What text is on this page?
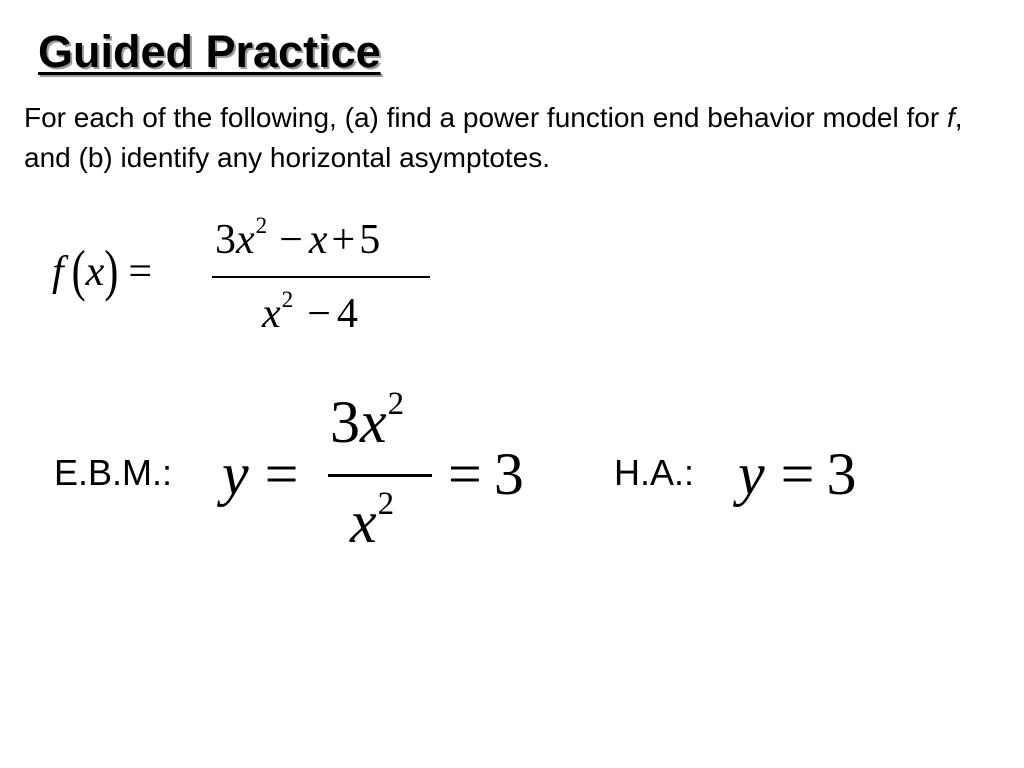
Guided Practice
For each of the following, (a) find a power function end behavior model for f, and (b) identify any horizontal asymptotes.
f (x) =
$3x^2 - x+5$
$x^2 - 4$
E.B.M.: y =
$3x^2$
$x^2 = 3$	H.A.: y = 3
